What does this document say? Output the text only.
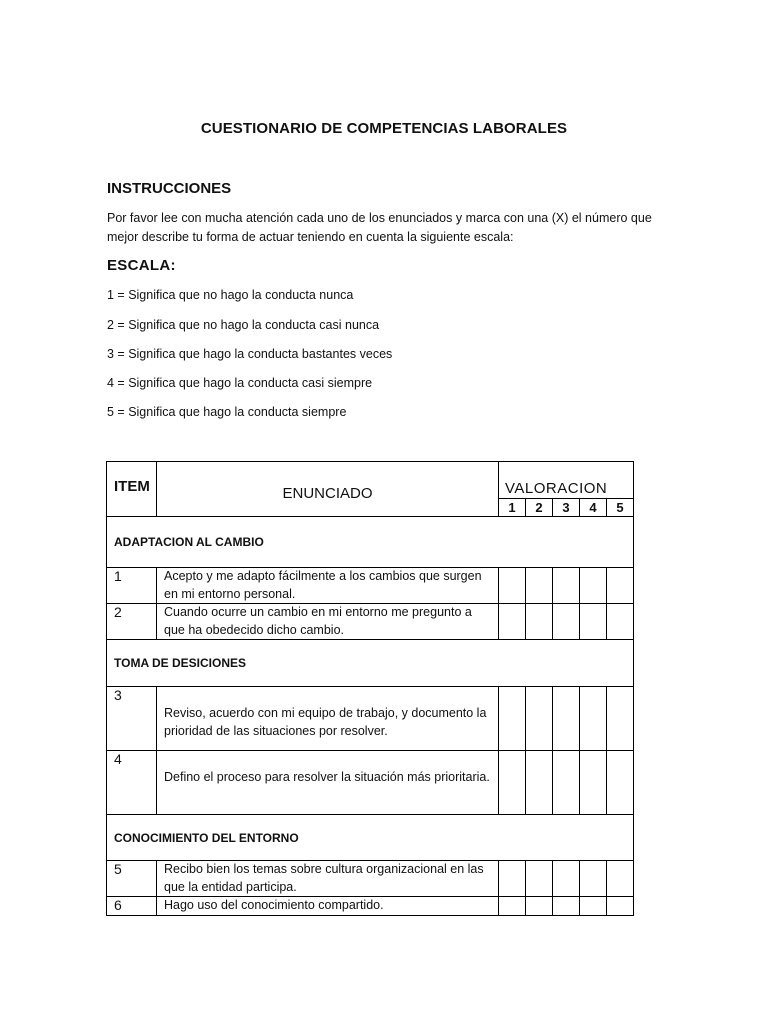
CUESTIONARIO DE COMPETENCIAS LABORALES
INSTRUCCIONES
Por favor lee con mucha atención cada uno de los enunciados y marca con una (X) el número que mejor describe tu forma de actuar teniendo en cuenta la siguiente escala:
ESCALA:
1 = Significa que no hago la conducta nunca
2 = Significa que no hago la conducta casi nunca
3 = Significa que hago la conducta bastantes veces
4 = Significa que hago la conducta casi siempre
5 = Significa que hago la conducta siempre
ITEM	ENUNCIADO	VALORACION				
		1	2	3	4	5
ADAPTACION AL CAMBIO						
1	Acepto y me adapto fácilmente a los cambios que surgen en mi entorno personal.					
2	Cuando ocurre un cambio en mi entorno me pregunto a que ha obedecido dicho cambio.					
TOMA DE DESICIONES						
3	Reviso, acuerdo con mi equipo de trabajo, y documento la prioridad de las situaciones por resolver.					
4	Defino el proceso para resolver la situación más prioritaria.					
CONOCIMIENTO DEL ENTORNO						
5	Recibo bien los temas sobre cultura organizacional en las que la entidad participa.					
6	Hago uso del conocimiento compartido.					
